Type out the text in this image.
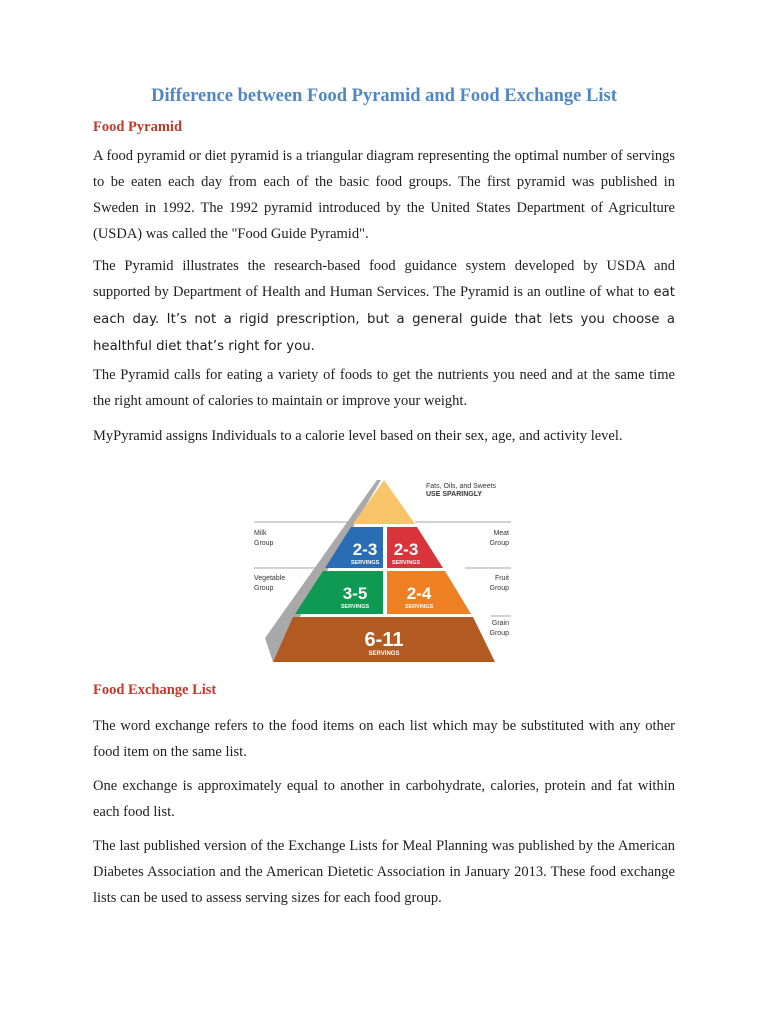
Difference between Food Pyramid and Food Exchange List
Food Pyramid
A food pyramid or diet pyramid is a triangular diagram representing the optimal number of servings to be eaten each day from each of the basic food groups. The first pyramid was published in Sweden in 1992. The 1992 pyramid introduced by the United States Department of Agriculture (USDA) was called the "Food Guide Pyramid".
The Pyramid illustrates the research-based food guidance system developed by USDA and supported by Department of Health and Human Services. The Pyramid is an outline of what to eat each day. It’s not a rigid prescription, but a general guide that lets you choose a healthful diet that’s right for you.
The Pyramid calls for eating a variety of foods to get the nutrients you need and at the same time the right amount of calories to maintain or improve your weight.
MyPyramid assigns Individuals to a calorie level based on their sex, age, and activity level.
Fats, Oils, and Sweets
USE SPARINGLY
Milk
Group
Meat
Group
Vegetable
Group
Fruit
Group
Grain
Group
2-3
SERVINGS
2-3
SERVINGS
3-5
SERVINGS
2-4
SERVINGS
6-11
SERVINGS
Food Exchange List
The word exchange refers to the food items on each list which may be substituted with any other food item on the same list.
One exchange is approximately equal to another in carbohydrate, calories, protein and fat within each food list.
The last published version of the Exchange Lists for Meal Planning was published by the American Diabetes Association and the American Dietetic Association in January 2013. These food exchange lists can be used to assess serving sizes for each food group.
